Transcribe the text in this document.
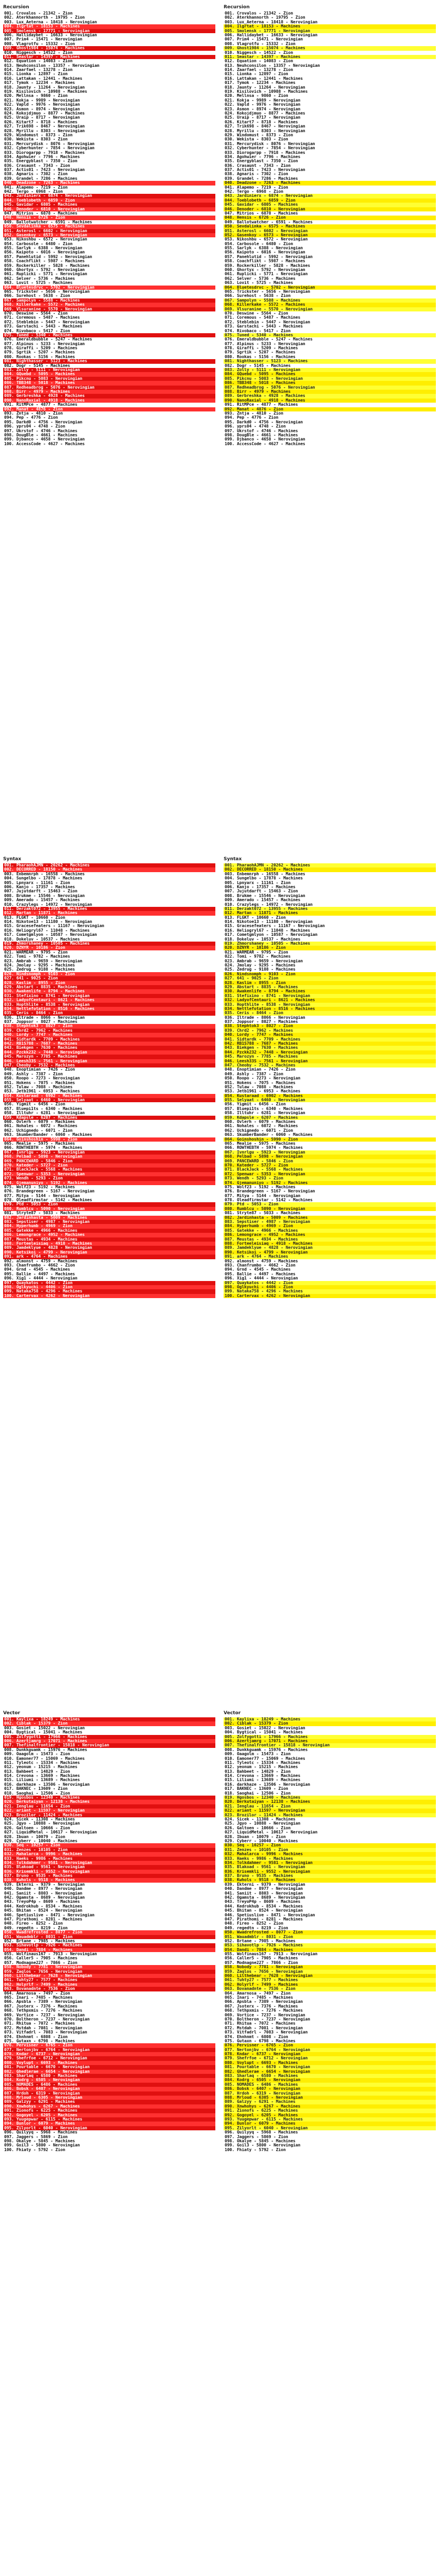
Recursion
001. Crovalos - 21342 - Zion
002. Aterkhannorth - 19795 - Zion
003. Lux_Aeterna - 18418 - Nerovingian
004. Ilgrtat - 18153 - Machines
005. Smolensk - 17771 - Nerovingian
006. Hallidaybet - 16633 - Nerovingian
007. Prim4 - 15471 - Nerovingian
008. Vlagrotfu - 15332 - Zion
009. Ghost1984 - 15074 - Machines
010. Niggesch - 14522 - Zion
011. Seastar - 14397 - Machines
012. Equation - 14083 - Zion
013. Neuhconsilon - 13357 - Nerovingian
014. Zaarfael - 13278 - Zion
015. Lionka - 12897 - Zion
016. Lattakan - 12441 - Machines
017. Tymok - 12234 - Machines
018. Jaunty - 11264 - Nerovingian
019. Kisilovich - 10988 - Machines
020. Mellnsa - 9860 - Zion
021. Kokja - 9989 - Nerovingian
022. Vapld - 9976 - Nerovingian
023. Asmon - 8974 - Nerovingian
024. Kokojdjmuo - 8877 - Machines
025. Uraip - 8717 - Nerovingian
026. Kitart7 - 8718 - Machines
027. Trik698 - 8467 - Nerovingian
028. Myrillu - 8303 - Nerovingian
029. Windomust - 8373 - Zion
030. Wekista - 8303 - Zion
031. Mercurydisk - 8076 - Nerovingian
032. Cyberhunter - 7854 - Nerovingian
033. Diorogarpp - 7918 - Machines
034. Agohwier - 7796 - Machines
035. Energyblast - 7350 - Zion
036. Crasaunt - 7343 - Zion
037. Actis01 - 7423 - Nerovingian
038. Agnaris - 7302 - Zion
039. Grandel - 7286 - Machines
040. Deadzone - 7263 - Machines
041. Alapemo - 7219 - Zion
042. Tergo - 6968 - Zion
043. Jardinierx - 6874 - Nerovingian
044. Toeblobeth - 6859 - Zion
045. Gavidar - 6805 - Machines
046. Denoder - 6810 - Nerovingian
047. Mitrios - 6878 - Machines
048. Hensis - 6726 - Zion
049. Ballotwatcher - 6591 - Machines
050. Sevdalinka - 6575 - Machines
051. Asterosl - 6602 - Nerovingian
052. Gasenkoy - 6573 - Nerovingian
053. Nikoshbu - 6572 - Nerovingian
054. Carbosole - 6480 - Zion
055. Sarlyk - 6388 - Nerovingian
056. Kaipoto - 6016 - Nerovingian
057. Panehlutid - 5992 - Nerovingian
058. Coachflikt - 5987 - Machines
059. Rockerkiller - 5828 - Machines
060. Ghortyx - 5792 - Nerovingian
061. Ruplicki - 5771 - Nerovingian
062. Selver - 5736 - Machines
063. Lovit - 5725 - Machines
064. Bluetesdrvc - 5702 - Nerovingian
065. Trickster - 5656 - Nerovingian
066. Surehost - 5638 - Zion
067. Sampolyn - 5588 - Machines
068. Killerkake - 5572 - Machines
069. Vlsuranine - 5570 - Nerovingian
070. Deswine - 5564 - Zion
071. Coremous - 5487 - Machines
072. Steblebin - 5447 - Nerovingian
073. Garstachi - 5443 - Machines
074. Rivobaco - 5417 - Zion
075. Tuned - 5340 - Machines
076. Emeraldbubble - 5247 - Machines
077. Alpinus - 5233 - Nerovingian
078. Giraffi - 5209 - Machines
079. Sgrtik - 5207 - Machines
080. Rookas - 5156 - Machines
081. Nighthasser - 5123 - Machines
082. Dogr - 5145 - Machines
083. Zolly - 5111 - Nerovingian
084. GQuebd - 5095 - Machines
085. Pikcnu - 5083 - Nerovingian
086. TBB348 - 5018 - Machines
087. Redheadbrog - 5076 - Nerovingian
088. Birr - 4979 - Machines
089. Gerbreshka - 4928 - Machines
090. NanoRaxial - 4918 - Machines
091. RitMPce - 4877 - Machines
092. Manat - 4876 - Zion
093. Zntja - 4810 - Zion
094. Pep - 4776 - Zion
095. Darkd0 - 4756 - Nerovingian
096. yprs04 - 4748 - Zion
097. Ukrstof - 4746 - Machines
098. DougBle - 4661 - Machines
099. Djbanco - 4658 - Nerovingian
100. AccessCode - 4627 - Machines
Syntax
001. PharaohAJMN - 20262 - Machines
002. DECORRED - 18150 - Machines
003. Enbemnrph - 16558 - Machines
004. Sungelbo - 17878 - Machines
005. Lpnyarx - 11161 - Zion
006. Kanjo - 17357 - Machines
007. Jujutdarft - 15463 - Zion
008. Brukme - 15546 - Nerovingian
009. Amerado - 15457 - Machines
010. Crazylegs - 14972 - Nerovingian
011. Derzakt072 - 13955 - Machines
012. Martan - 11871 - Machines
013. FLGKT - 10660 - Zion
014. Nikotoe13 - 11180 - Nerovingian
015. Gracesefeaters - 11167 - Nerovingian
016. Heliogryl67 - 11048 - Machines
017. Cometgmlyon - 10587 - Nerovingian
018. Dokeluv - 10537 - Machines
019. Zhmorshaney - 10505 - Machines
020. DZNYR - 10186 - Zion
021. WARMEAR - 9795 - Zion
022. Tomi - 9782 - Machines
023. Ambrab - 9659 - Nerovingian
024. Jmolay - 9295 - Machines
025. Zedrug - 9188 - Machines
026. Nindsnomph - 9103 - Zion
027. 641 - 9025 - Zion
028. Kaslim - 8955 - Zion
029. Abstart - 8835 - Machines
030. Awakenlife - 8794 - Machines
031. Stefixino - 8741 - Nerovingian
032. LadyofCentauri - 8621 - Machines
033. Hopthlite - 8538 - Nerovingian
034. Nettlefotation - 8516 - Machines
035. Ceris - 8464 - Zion
036. Iltrade - 8066 - Nerovingian
037. Joppsor - 8027 - Machines
038. Stephtok3 - 8027 - Zion
039. Chrd2 - 7962 - Machines
040. Lordy - 7747 - Machines
041. Sidtardk - 7709 - Machines
042. RB1S788 - 7687 - Machines
043. Biekgen - 7630 - Machines
044. Pzckk232 - 7448 - Nerovingian
045. Marozyn - 7785 - Machines
046. Leesh33S - 7561 - Nerovingian
047. Cheoby - 7532 - Machines
048. Enoptimian - 7426 - Zion
049. Ashly - 7387 - Zion
050. Roopo - 7273 - Nerovingian
051. Hokens - 7075 - Machines
052. Tulaw - 7088 - Machines
053. Jetb1961 - 6953 - Machines
054. Kustaraad - 6902 - Machines
055. Selyaat - 6460 - Nerovingian
056. Yigmit - 6456 - Zion
057. Bluepi1ts - 6340 - Machines
058. Illtuhr - 6281 - Nerovingian
059. Kdapsle - 6207 - Machines
060. Ovlerh - 6079 - Machines
061. Nohales - 6072 - Machines
062. Uchignedo - 6071 - Zion
063. SkumberBander - 6060 - Machines
064. Goinshoshin - 5990 - Zion
065. Mealie - 5975 - Machines
066. ROWTHEBTH - 5974 - Machines
067. Ivnrlgu - 5923 - Nerovingian
068. Pelbad - 5898 - Nerovingian
069. PANCEWARD - 5846 - Zion
070. Kateder - 5727 - Zion
071. BlackJack - 5568 - Machines
072. Spenwar - 5353 - Nerovingian
073. Wendh - 5293 - Zion
074. Gjemanuniyo - 5192 - Machines
075. Wolf23 - 5192 - Machines
076. Brandegreen - 5167 - Nerovingian
077. Mitya - 5144 - Nerovingian
078. Oleadfirmstar - 5142 - Machines
079. Ptd - 5053 - Zion
080. Rumblcu - 5090 - Nerovingian
081. Stryte87 - 5033 - Machines
082. Jardinhasta - 5009 - Machines
083. Sepstiser - 4987 - Nerovingian
084. Hyperhumb - 4969 - Zion
085. Gatekke - 4966 - Machines
086. Lemongrace - 4952 - Machines
087. Meustas - 4934 - Machines
088. Forteeleisiaq - 4918 - Machines
089. Jamdeklyue - 4828 - Nerovingian
090. Ketsikoi - 4799 - Nerovingian
091. ark - 4764 - Machines
092. almonst - 4759 - Machines
093. Chanfrumbo - 4662 - Zion
094. Grnd - 4545 - Machines
095. Ballie - 4497 - Machines
096. Xig1 - 4444 - Nerovingian
097. Quaykatos - 4442 - Zion
098. Oglkyuchi - 4406 - Zion
099. Nataka758 - 4296 - Machines
100. Cartervax - 4262 - Nerovingian
Vector
001. Kaylixa - 18249 - Machines
002. Ciblak - 15379 - Zion
003. Gosiet - 15022 - Nerovingian
004. Bygtical - 15041 - Machines
005. Zolfygotti - 17966 - Machines
006. Azertjamrg - 17071 - Machines
007. Thefinalfrontier - 15818 - Nerovingian
008. Dunkkguamk - 15976 - Machines
009. Oaagolm - 15473 - Zion
010. Eamoner77 - 15069 - Machines
011. Tyleotc - 15334 - Machines
012. yeonum - 15215 - Machines
013. Bahbeet - 14829 - Zion
014. Crevona - 13669 - Machines
015. Liliumi - 13689 - Machines
016. darkhaze - 13506 - Nerovingian
017. BAKNEC - 13609 - Zion
018. Saoghai - 12506 - Zion
019. Hgosbos - 12340 - Machines
020. Berkutaiyan - 12138 - Machines
021. Ienglau - 11654 - Zion
022. ariant - 11597 - Nerovingian
023. Brozilor - 11424 - Machines
024. Sicek - 11308 - Machines
025. Jgyo - 10888 - Nerovingian
026. Galtoen - 10666 - Zion
027. LiquidMetal - 10617 - Nerovingian
028. Ibuan - 10079 - Zion
029. Cyberr - 10040 - Machines
030. Seq - 10257 - Zion
031. Zenzes - 10105 - Zion
032. Mahalarca - 9996 - Machines
033. Haeks - 9986 - Machines
034. Tolkdahmer - 9581 - Nerovingian
035. Blakoad - 9561 - Nerovingian
036. Krisemkli - 9552 - Nerovingian
037. Bruno - 9535 - Machines
038. Kwhols - 9518 - Machines
039. Ekterni - 9379 - Nerovingian
040. Dandme - 8977 - Nerovingian
041. Saniit - 8803 - Nerovingian
042. Ogamsta - 8689 - Nerovingian
043. TreyoP4p - 8609 - Machines
044. Kedrokhub - 8534 - Machines
045. Bhitan - 8524 - Nerovingian
046. Spetiuslive - 8471 - Nerovingian
047. Pirathomi - 8281 - Machines
048. Fireo - 8252 - Zion
049. regedtn - 8219 - Zion
050. Wwadrefrosted - 8077 - Zion
051. Wauadmblr - 8031 - Zion
052. Brtane - 7985 - Machines
053. Sihavotlp - 7926 - Machines
054. Dandi - 7884 - Machines
055. Wolfinaus167 - 7913 - Nerovingian
056. Caller5 - 7905 - Machines
057. Modnagne227 - 7866 - Zion
058. Nobody - 7781 - Nerovingian
059. Zaqlos - 7656 - Nerovingian
060. Lilthebear - 7628 - Nerovingian
061. Tuhty27 - 7577 - Machines
062. Holyrlf - 7499 - Machines
063. Bovanadnte - 7536 - Zion
064. Amarnosa - 7497 - Zion
065. Inari - 7485 - Machines
066. Apsbla - 7389 - Nerovingian
067. Jsoterx - 7376 - Machines
068. Tethpxmis - 7276 - Machines
069. Vortice - 7237 - Nerovingian
070. Boltheron - 7237 - Nerovingian
071. Rhitua - 7072 - Machines
072. Mstdah - 7081 - Nerovingian
073. Vitfadrl - 7083 - Nerovingian
074. Ehnhnmt - 6808 - Zion
075. Gutaxn - 6798 - Machines
076. Pervisner - 6765 - Zion
077. Nertonjbv - 6764 - Nerovingian
078. Kndar - 6737 - Nerovingian
079. Shefrfoe - 6712 - Nerovingian
080. Voylupt - 6693 - Machines
081. Pourtable - 6670 - Nerovingian
082. Ghedlerae - 6654 - Nerovingian
083. Sharlaq - 6580 - Machines
084. Kodrg - 6505 - Nerovingian
085. NOMADES - 6486 - Machines
086. Bobsk - 6407 - Nerovingian
087. Hrdoh - 6319 - Nerovingian
088. Mrloud - 6305 - Nerovingian
089. Galzyy - 6291 - Machines
090. Xnwhohys - 6267 - Machines
091. Zionofs - 6225 - Machines
092. Gogoyel - 6205 - Machines
093. Yuugepwar - 6115 - Machines
094. Bunlor - 6079 - Machines
095. Zilyorlt - 6040 - Nerovingian
096. Quilyyq - 5968 - Machines
097. Jaggers - 5869 - Zion
098. Okalye - 5845 - Machines
099. Goil3 - 5800 - Nerovingian
100. Fhiaty - 5792 - Zion
Recursion
001. Crovalos - 21342 - Zion
002. Aterkhannorth - 19795 - Zion
003. Lux_Aeterna - 18418 - Nerovingian
004. Ilgrtat - 18153 - Machines
005. Smolensk - 17771 - Nerovingian
006. Hallidaybet - 16633 - Nerovingian
007. Prim4 - 15471 - Nerovingian
008. Vlagrotfu - 15332 - Zion
009. Ghost1984 - 15074 - Machines
010. Niggesch - 14522 - Zion
011. Seastar - 14397 - Machines
012. Equation - 14083 - Zion
013. Neuhconsilon - 13357 - Nerovingian
014. Zaarfael - 13278 - Zion
015. Lionka - 12897 - Zion
016. Lattakan - 12441 - Machines
017. Tymok - 12234 - Machines
018. Jaunty - 11264 - Nerovingian
019. Kisilovich - 10988 - Machines
020. Mellnsa - 9860 - Zion
021. Kokja - 9989 - Nerovingian
022. Vapld - 9976 - Nerovingian
023. Asmon - 8974 - Nerovingian
024. Kokojdjmuo - 8877 - Machines
025. Uraip - 8717 - Nerovingian
026. Kitart7 - 8718 - Machines
027. Trik698 - 8467 - Nerovingian
028. Myrillu - 8303 - Nerovingian
029. Windomust - 8373 - Zion
030. Wekista - 8303 - Zion
031. Mercurydisk - 8076 - Nerovingian
032. Cyberhunter - 7854 - Nerovingian
033. Diorogarpp - 7918 - Machines
034. Agohwier - 7796 - Machines
035. Energyblast - 7350 - Zion
036. Crasaunt - 7343 - Zion
037. Actis01 - 7423 - Nerovingian
038. Agnaris - 7302 - Zion
039. Grandel - 7286 - Machines
040. Deadzone - 7263 - Machines
041. Alapemo - 7219 - Zion
042. Tergo - 6968 - Zion
043. Jardinierx - 6874 - Nerovingian
044. Toeblobeth - 6859 - Zion
045. Gavidar - 6805 - Machines
046. Denoder - 6810 - Nerovingian
047. Mitrios - 6878 - Machines
048. Hensis - 6726 - Zion
049. Ballotwatcher - 6591 - Machines
050. Sevdalinka - 6575 - Machines
051. Asterosl - 6602 - Nerovingian
052. Gasenkoy - 6573 - Nerovingian
053. Nikoshbu - 6572 - Nerovingian
054. Carbosole - 6480 - Zion
055. Sarlyk - 6388 - Nerovingian
056. Kaipoto - 6016 - Nerovingian
057. Panehlutid - 5992 - Nerovingian
058. Coachflikt - 5987 - Machines
059. Rockerkiller - 5828 - Machines
060. Ghortyx - 5792 - Nerovingian
061. Ruplicki - 5771 - Nerovingian
062. Selver - 5736 - Machines
063. Lovit - 5725 - Machines
064. Bluetesdrvc - 5702 - Nerovingian
065. Trickster - 5656 - Nerovingian
066. Surehost - 5638 - Zion
067. Sampolyn - 5588 - Machines
068. Killerkake - 5572 - Machines
069. Vlsuranine - 5570 - Nerovingian
070. Deswine - 5564 - Zion
071. Coremous - 5487 - Machines
072. Steblebin - 5447 - Nerovingian
073. Garstachi - 5443 - Machines
074. Rivobaco - 5417 - Zion
075. Tuned - 5340 - Machines
076. Emeraldbubble - 5247 - Machines
077. Alpinus - 5233 - Nerovingian
078. Giraffi - 5209 - Machines
079. Sgrtik - 5207 - Machines
080. Rookas - 5156 - Machines
081. Nighthasser - 5123 - Machines
082. Dogr - 5145 - Machines
083. Zolly - 5111 - Nerovingian
084. GQuebd - 5095 - Machines
085. Pikcnu - 5083 - Nerovingian
086. TBB348 - 5018 - Machines
087. Redheadbrog - 5076 - Nerovingian
088. Birr - 4979 - Machines
089. Gerbreshka - 4928 - Machines
090. NanoRaxial - 4918 - Machines
091. RitMPce - 4877 - Machines
092. Manat - 4876 - Zion
093. Zntja - 4810 - Zion
094. Pep - 4776 - Zion
095. Darkd0 - 4756 - Nerovingian
096. yprs04 - 4748 - Zion
097. Ukrstof - 4746 - Machines
098. DougBle - 4661 - Machines
099. Djbanco - 4658 - Nerovingian
100. AccessCode - 4627 - Machines
Syntax
001. PharaohAJMN - 20262 - Machines
002. DECORRED - 18150 - Machines
003. Enbemnrph - 16558 - Machines
004. Sungelbo - 17878 - Machines
005. Lpnyarx - 11161 - Zion
006. Kanjo - 17357 - Machines
007. Jujutdarft - 15463 - Zion
008. Brukme - 15546 - Nerovingian
009. Amerado - 15457 - Machines
010. Crazylegs - 14972 - Nerovingian
011. Derzakt072 - 13955 - Machines
012. Martan - 11871 - Machines
013. FLGKT - 10660 - Zion
014. Nikotoe13 - 11180 - Nerovingian
015. Gracesefeaters - 11167 - Nerovingian
016. Heliogryl67 - 11048 - Machines
017. Cometgmlyon - 10587 - Nerovingian
018. Dokeluv - 10537 - Machines
019. Zhmorshaney - 10505 - Machines
020. DZNYR - 10186 - Zion
021. WARMEAR - 9795 - Zion
022. Tomi - 9782 - Machines
023. Ambrab - 9659 - Nerovingian
024. Jmolay - 9295 - Machines
025. Zedrug - 9188 - Machines
026. Nindsnomph - 9103 - Zion
027. 641 - 9025 - Zion
028. Kaslim - 8955 - Zion
029. Abstart - 8835 - Machines
030. Awakenlife - 8794 - Machines
031. Stefixino - 8741 - Nerovingian
032. LadyofCentauri - 8621 - Machines
033. Hopthlite - 8538 - Nerovingian
034. Nettlefotation - 8516 - Machines
035. Ceris - 8464 - Zion
036. Iltrade - 8066 - Nerovingian
037. Joppsor - 8027 - Machines
038. Stephtok3 - 8027 - Zion
039. Chrd2 - 7962 - Machines
040. Lordy - 7747 - Machines
041. Sidtardk - 7709 - Machines
042. RB1S788 - 7687 - Machines
043. Biekgen - 7630 - Machines
044. Pzckk232 - 7448 - Nerovingian
045. Marozyn - 7785 - Machines
046. Leesh33S - 7561 - Nerovingian
047. Cheoby - 7532 - Machines
048. Enoptimian - 7426 - Zion
049. Ashly - 7387 - Zion
050. Roopo - 7273 - Nerovingian
051. Hokens - 7075 - Machines
052. Tulaw - 7088 - Machines
053. Jetb1961 - 6953 - Machines
054. Kustaraad - 6902 - Machines
055. Selyaat - 6460 - Nerovingian
056. Yigmit - 6456 - Zion
057. Bluepi1ts - 6340 - Machines
058. Illtuhr - 6281 - Nerovingian
059. Kdapsle - 6207 - Machines
060. Ovlerh - 6079 - Machines
061. Nohales - 6072 - Machines
062. Uchignedo - 6071 - Zion
063. SkumberBander - 6060 - Machines
064. Goinshoshin - 5990 - Zion
065. Mealie - 5975 - Machines
066. ROWTHEBTH - 5974 - Machines
067. Ivnrlgu - 5923 - Nerovingian
068. Pelbad - 5898 - Nerovingian
069. PANCEWARD - 5846 - Zion
070. Kateder - 5727 - Zion
071. BlackJack - 5568 - Machines
072. Spenwar - 5353 - Nerovingian
073. Wendh - 5293 - Zion
074. Gjemanuniyo - 5192 - Machines
075. Wolf23 - 5192 - Machines
076. Brandegreen - 5167 - Nerovingian
077. Mitya - 5144 - Nerovingian
078. Oleadfirmstar - 5142 - Machines
079. Ptd - 5053 - Zion
080. Rumblcu - 5090 - Nerovingian
081. Stryte87 - 5033 - Machines
082. Jardinhasta - 5009 - Machines
083. Sepstiser - 4987 - Nerovingian
084. Hyperhumb - 4969 - Zion
085. Gatekke - 4966 - Machines
086. Lemongrace - 4952 - Machines
087. Meustas - 4934 - Machines
088. Forteeleisiaq - 4918 - Machines
089. Jamdeklyue - 4828 - Nerovingian
090. Ketsikoi - 4799 - Nerovingian
091. ark - 4764 - Machines
092. almonst - 4759 - Machines
093. Chanfrumbo - 4662 - Zion
094. Grnd - 4545 - Machines
095. Ballie - 4497 - Machines
096. Xig1 - 4444 - Nerovingian
097. Quaykatos - 4442 - Zion
098. Oglkyuchi - 4406 - Zion
099. Nataka758 - 4296 - Machines
100. Cartervax - 4262 - Nerovingian
Vector
001. Kaylixa - 18249 - Machines
002. Ciblak - 15379 - Zion
003. Gosiet - 15022 - Nerovingian
004. Bygtical - 15041 - Machines
005. Zolfygotti - 17966 - Machines
006. Azertjamrg - 17071 - Machines
007. Thefinalfrontier - 15818 - Nerovingian
008. Dunkkguamk - 15976 - Machines
009. Oaagolm - 15473 - Zion
010. Eamoner77 - 15069 - Machines
011. Tyleotc - 15334 - Machines
012. yeonum - 15215 - Machines
013. Bahbeet - 14829 - Zion
014. Crevona - 13669 - Machines
015. Liliumi - 13689 - Machines
016. darkhaze - 13506 - Nerovingian
017. BAKNEC - 13609 - Zion
018. Saoghai - 12506 - Zion
019. Hgosbos - 12340 - Machines
020. Berkutaiyan - 12138 - Machines
021. Ienglau - 11654 - Zion
022. ariant - 11597 - Nerovingian
023. Brozilor - 11424 - Machines
024. Sicek - 11308 - Machines
025. Jgyo - 10888 - Nerovingian
026. Galtoen - 10666 - Zion
027. LiquidMetal - 10617 - Nerovingian
028. Ibuan - 10079 - Zion
029. Cyberr - 10040 - Machines
030. Seq - 10257 - Zion
031. Zenzes - 10105 - Zion
032. Mahalarca - 9996 - Machines
033. Haeks - 9986 - Machines
034. Tolkdahmer - 9581 - Nerovingian
035. Blakoad - 9561 - Nerovingian
036. Krisemkli - 9552 - Nerovingian
037. Bruno - 9535 - Machines
038. Kwhols - 9518 - Machines
039. Ekterni - 9379 - Nerovingian
040. Dandme - 8977 - Nerovingian
041. Saniit - 8803 - Nerovingian
042. Ogamsta - 8689 - Nerovingian
043. TreyoP4p - 8609 - Machines
044. Kedrokhub - 8534 - Machines
045. Bhitan - 8524 - Nerovingian
046. Spetiuslive - 8471 - Nerovingian
047. Pirathomi - 8281 - Machines
048. Fireo - 8252 - Zion
049. regedtn - 8219 - Zion
050. Wwadrefrosted - 8077 - Zion
051. Wauadmblr - 8031 - Zion
052. Brtane - 7985 - Machines
053. Sihavotlp - 7926 - Machines
054. Dandi - 7884 - Machines
055. Wolfinaus167 - 7913 - Nerovingian
056. Caller5 - 7905 - Machines
057. Modnagne227 - 7866 - Zion
058. Nobody - 7781 - Nerovingian
059. Zaqlos - 7656 - Nerovingian
060. Lilthebear - 7628 - Nerovingian
061. Tuhty27 - 7577 - Machines
062. Holyrlf - 7499 - Machines
063. Bovanadnte - 7536 - Zion
064. Amarnosa - 7497 - Zion
065. Inari - 7485 - Machines
066. Apsbla - 7389 - Nerovingian
067. Jsoterx - 7376 - Machines
068. Tethpxmis - 7276 - Machines
069. Vortice - 7237 - Nerovingian
070. Boltheron - 7237 - Nerovingian
071. Rhitua - 7072 - Machines
072. Mstdah - 7081 - Nerovingian
073. Vitfadrl - 7083 - Nerovingian
074. Ehnhnmt - 6808 - Zion
075. Gutaxn - 6798 - Machines
076. Pervisner - 6765 - Zion
077. Nertonjbv - 6764 - Nerovingian
078. Kndar - 6737 - Nerovingian
079. Shefrfoe - 6712 - Nerovingian
080. Voylupt - 6693 - Machines
081. Pourtable - 6670 - Nerovingian
082. Ghedlerae - 6654 - Nerovingian
083. Sharlaq - 6580 - Machines
084. Kodrg - 6505 - Nerovingian
085. NOMADES - 6486 - Machines
086. Bobsk - 6407 - Nerovingian
087. Hrdoh - 6319 - Nerovingian
088. Mrloud - 6305 - Nerovingian
089. Galzyy - 6291 - Machines
090. Xnwhohys - 6267 - Machines
091. Zionofs - 6225 - Machines
092. Gogoyel - 6205 - Machines
093. Yuugepwar - 6115 - Machines
094. Bunlor - 6079 - Machines
095. Zilyorlt - 6040 - Nerovingian
096. Quilyyq - 5968 - Machines
097. Jaggers - 5869 - Zion
098. Okalye - 5845 - Machines
099. Goil3 - 5800 - Nerovingian
100. Fhiaty - 5792 - Zion
